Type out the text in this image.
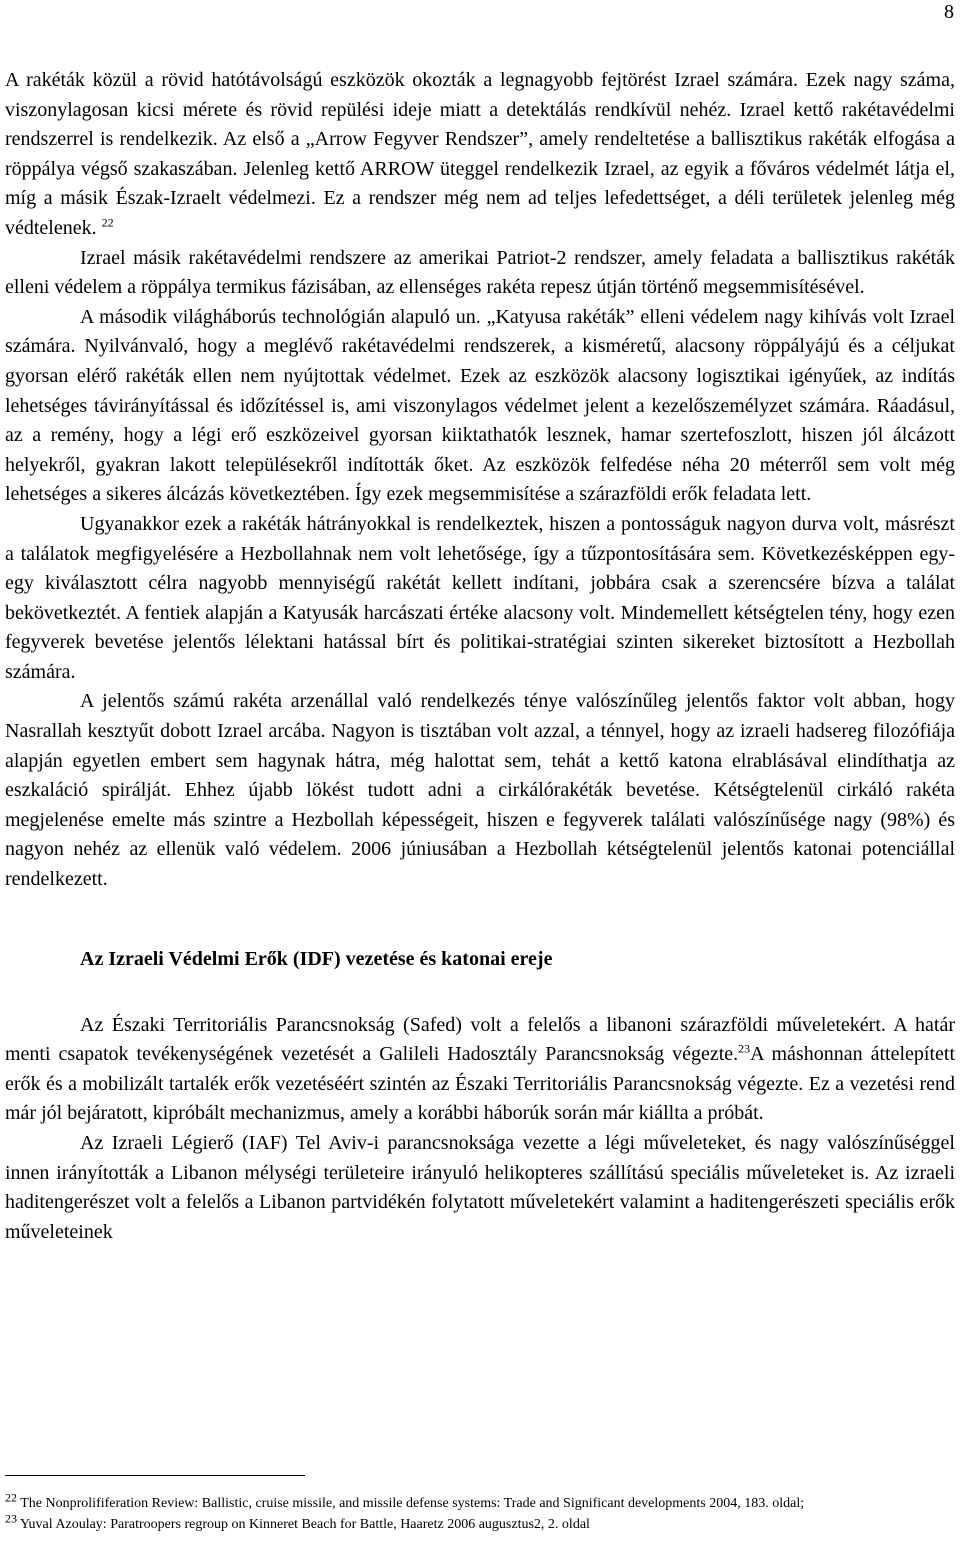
8

A rakéták közül a rövid hatótávolságú eszközök okozták a legnagyobb fejtörést Izrael számára. Ezek nagy száma, viszonylagosan kicsi mérete és rövid repülési ideje miatt a detektálás rendkívül nehéz. Izrael kettő rakétavédelmi rendszerrel is rendelkezik. Az első a „Arrow Fegyver Rendszer”, amely rendeltetése a ballisztikus rakéták elfogása a röppálya végső szakaszában. Jelenleg kettő ARROW üteggel rendelkezik Izrael, az egyik a főváros védelmét látja el, míg a másik Észak-Izraelt védelmezi. Ez a rendszer még nem ad teljes lefedettséget, a déli területek jelenleg még védtelenek. $^{22}$

Izrael másik rakétavédelmi rendszere az amerikai Patriot-2 rendszer, amely feladata a ballisztikus rakéták elleni védelem a röppálya termikus fázisában, az ellenséges rakéta repesz útján történő megsemmisítésével.

A második világháborús technológián alapuló un. „Katyusa rakéták” elleni védelem nagy kihívás volt Izrael számára. Nyilvánvaló, hogy a meglévő rakétavédelmi rendszerek, a kisméretű, alacsony röppályájú és a céljukat gyorsan elérő rakéták ellen nem nyújtottak védelmet. Ezek az eszközök alacsony logisztikai igényűek, az indítás lehetséges távirányítással és időzítéssel is, ami viszonylagos védelmet jelent a kezelőszemélyzet számára. Ráadásul, az a remény, hogy a légi erő eszközeivel gyorsan kiiktathatók lesznek, hamar szertefoszlott, hiszen jól álcázott helyekről, gyakran lakott településekről indították őket. Az eszközök felfedése néha 20 méterről sem volt még lehetséges a sikeres álcázás következtében. Így ezek megsemmisítése a szárazföldi erők feladata lett.

Ugyanakkor ezek a rakéták hátrányokkal is rendelkeztek, hiszen a pontosságuk nagyon durva volt, másrészt a találatok megfigyelésére a Hezbollahnak nem volt lehetősége, így a tűzpontosítására sem. Következésképpen egy-egy kiválasztott célra nagyobb mennyiségű rakétát kellett indítani, jobbára csak a szerencsére bízva a találat bekövetkeztét. A fentiek alapján a Katyusák harcászati értéke alacsony volt. Mindemellett kétségtelen tény, hogy ezen fegyverek bevetése jelentős lélektani hatással bírt és politikai-stratégiai szinten sikereket biztosított a Hezbollah számára.

A jelentős számú rakéta arzenállal való rendelkezés ténye valószínűleg jelentős faktor volt abban, hogy Nasrallah kesztyűt dobott Izrael arcába. Nagyon is tisztában volt azzal, a ténnyel, hogy az izraeli hadsereg filozófiája alapján egyetlen embert sem hagynak hátra, még halottat sem, tehát a kettő katona elrablásával elindíthatja az eszkaláció spirálját. Ehhez újabb lökést tudott adni a cirkálórakéták bevetése. Kétségtelenül cirkáló rakéta megjelenése emelte más szintre a Hezbollah képességeit, hiszen e fegyverek találati valószínűsége nagy (98%) és nagyon nehéz az ellenük való védelem. 2006 júniusában a Hezbollah kétségtelenül jelentős katonai potenciállal rendelkezett.

Az Izraeli Védelmi Erők (IDF) vezetése és katonai ereje

Az Északi Territoriális Parancsnokság (Safed) volt a felelős a libanoni szárazföldi műveletekért. A határ menti csapatok tevékenységének vezetését a Galileli Hadosztály Parancsnokság végezte.$^{23}$A máshonnan áttelepített erők és a mobilizált tartalék erők vezetéséért szintén az Északi Territoriális Parancsnokság végezte. Ez a vezetési rend már jól bejáratott, kipróbált mechanizmus, amely a korábbi háborúk során már kiállta a próbát.

Az Izraeli Légierő (IAF) Tel Aviv-i parancsnoksága vezette a légi műveleteket, és nagy valószínűséggel innen irányították a Libanon mélységi területeire irányuló helikopteres szállítású speciális műveleteket is. Az izraeli haditengerészet volt a felelős a Libanon partvidékén folytatott műveletekért valamint a haditengerészeti speciális erők műveleteinek

$^{22}$ The Nonprolififeration Review: Ballistic, cruise missile, and missile defense systems: Trade and Significant developments 2004, 183. oldal;

$^{23}$ Yuval Azoulay: Paratroopers regroup on Kinneret Beach for Battle, Haaretz 2006 augusztus2, 2. oldal
